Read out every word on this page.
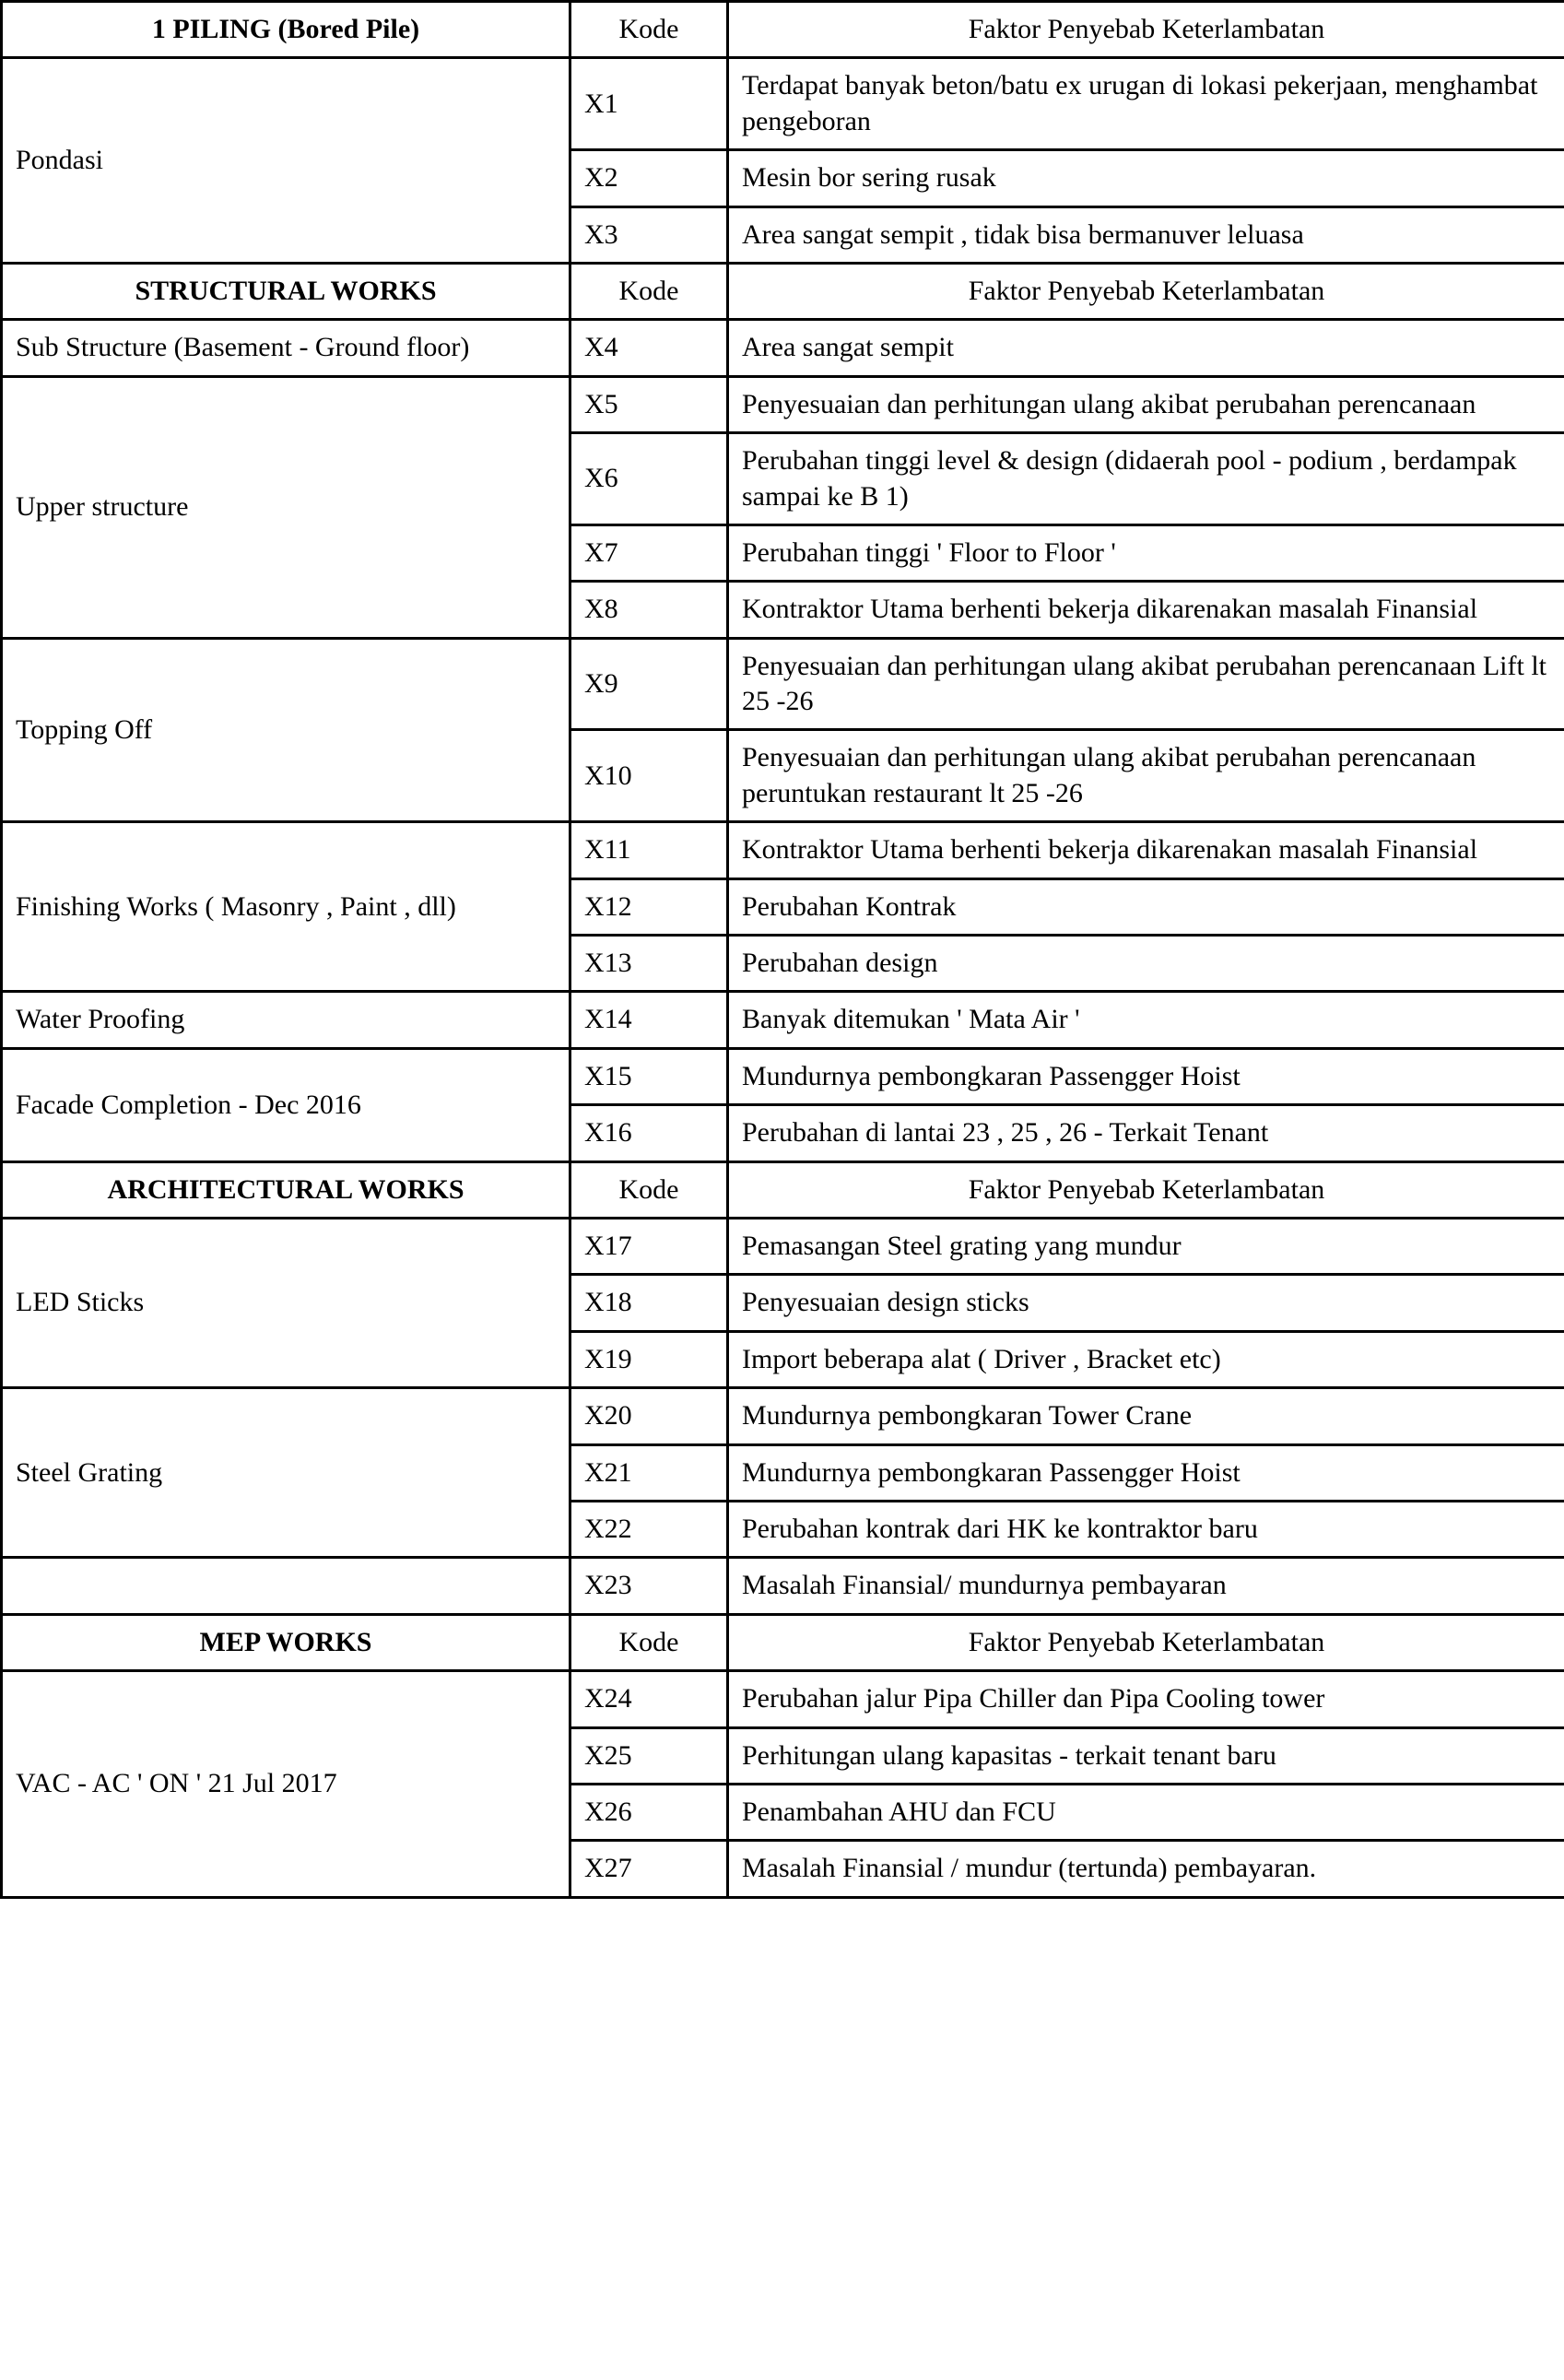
1 PILING (Bored Pile)	Kode	Faktor Penyebab Keterlambatan
Pondasi	X1	Terdapat banyak beton/batu ex urugan di lokasi pekerjaan, menghambat pengeboran
	X2	Mesin bor sering rusak
	X3	Area sangat sempit , tidak bisa bermanuver leluasa
STRUCTURAL WORKS	Kode	Faktor Penyebab Keterlambatan
Sub Structure (Basement - Ground floor)	X4	Area sangat sempit
Upper structure	X5	Penyesuaian dan perhitungan ulang akibat perubahan perencanaan
	X6	Perubahan tinggi level & design (didaerah pool - podium , berdampak sampai ke B 1)
	X7	Perubahan tinggi ' Floor to Floor '
	X8	Kontraktor Utama berhenti bekerja dikarenakan masalah Finansial
Topping Off	X9	Penyesuaian dan perhitungan ulang akibat perubahan perencanaan Lift lt 25 -26
	X10	Penyesuaian dan perhitungan ulang akibat perubahan perencanaan peruntukan restaurant lt 25 -26
Finishing Works ( Masonry , Paint , dll)	X11	Kontraktor Utama berhenti bekerja dikarenakan masalah Finansial
	X12	Perubahan Kontrak
	X13	Perubahan design
Water Proofing	X14	Banyak ditemukan ' Mata Air '
Facade Completion - Dec 2016	X15	Mundurnya pembongkaran Passengger Hoist
	X16	Perubahan di lantai 23 , 25 , 26 - Terkait Tenant
ARCHITECTURAL WORKS	Kode	Faktor Penyebab Keterlambatan
LED Sticks	X17	Pemasangan Steel grating yang mundur
	X18	Penyesuaian design sticks
	X19	Import beberapa alat ( Driver , Bracket etc)
Steel Grating	X20	Mundurnya pembongkaran Tower Crane
	X21	Mundurnya pembongkaran Passengger Hoist
	X22	Perubahan kontrak dari HK ke kontraktor baru
	X23	Masalah Finansial/ mundurnya pembayaran
MEP WORKS	Kode	Faktor Penyebab Keterlambatan
VAC - AC ' ON ' 21 Jul 2017	X24	Perubahan jalur Pipa Chiller dan Pipa Cooling tower
	X25	Perhitungan ulang kapasitas - terkait tenant baru
	X26	Penambahan AHU dan FCU
	X27	Masalah Finansial / mundur (tertunda) pembayaran.
